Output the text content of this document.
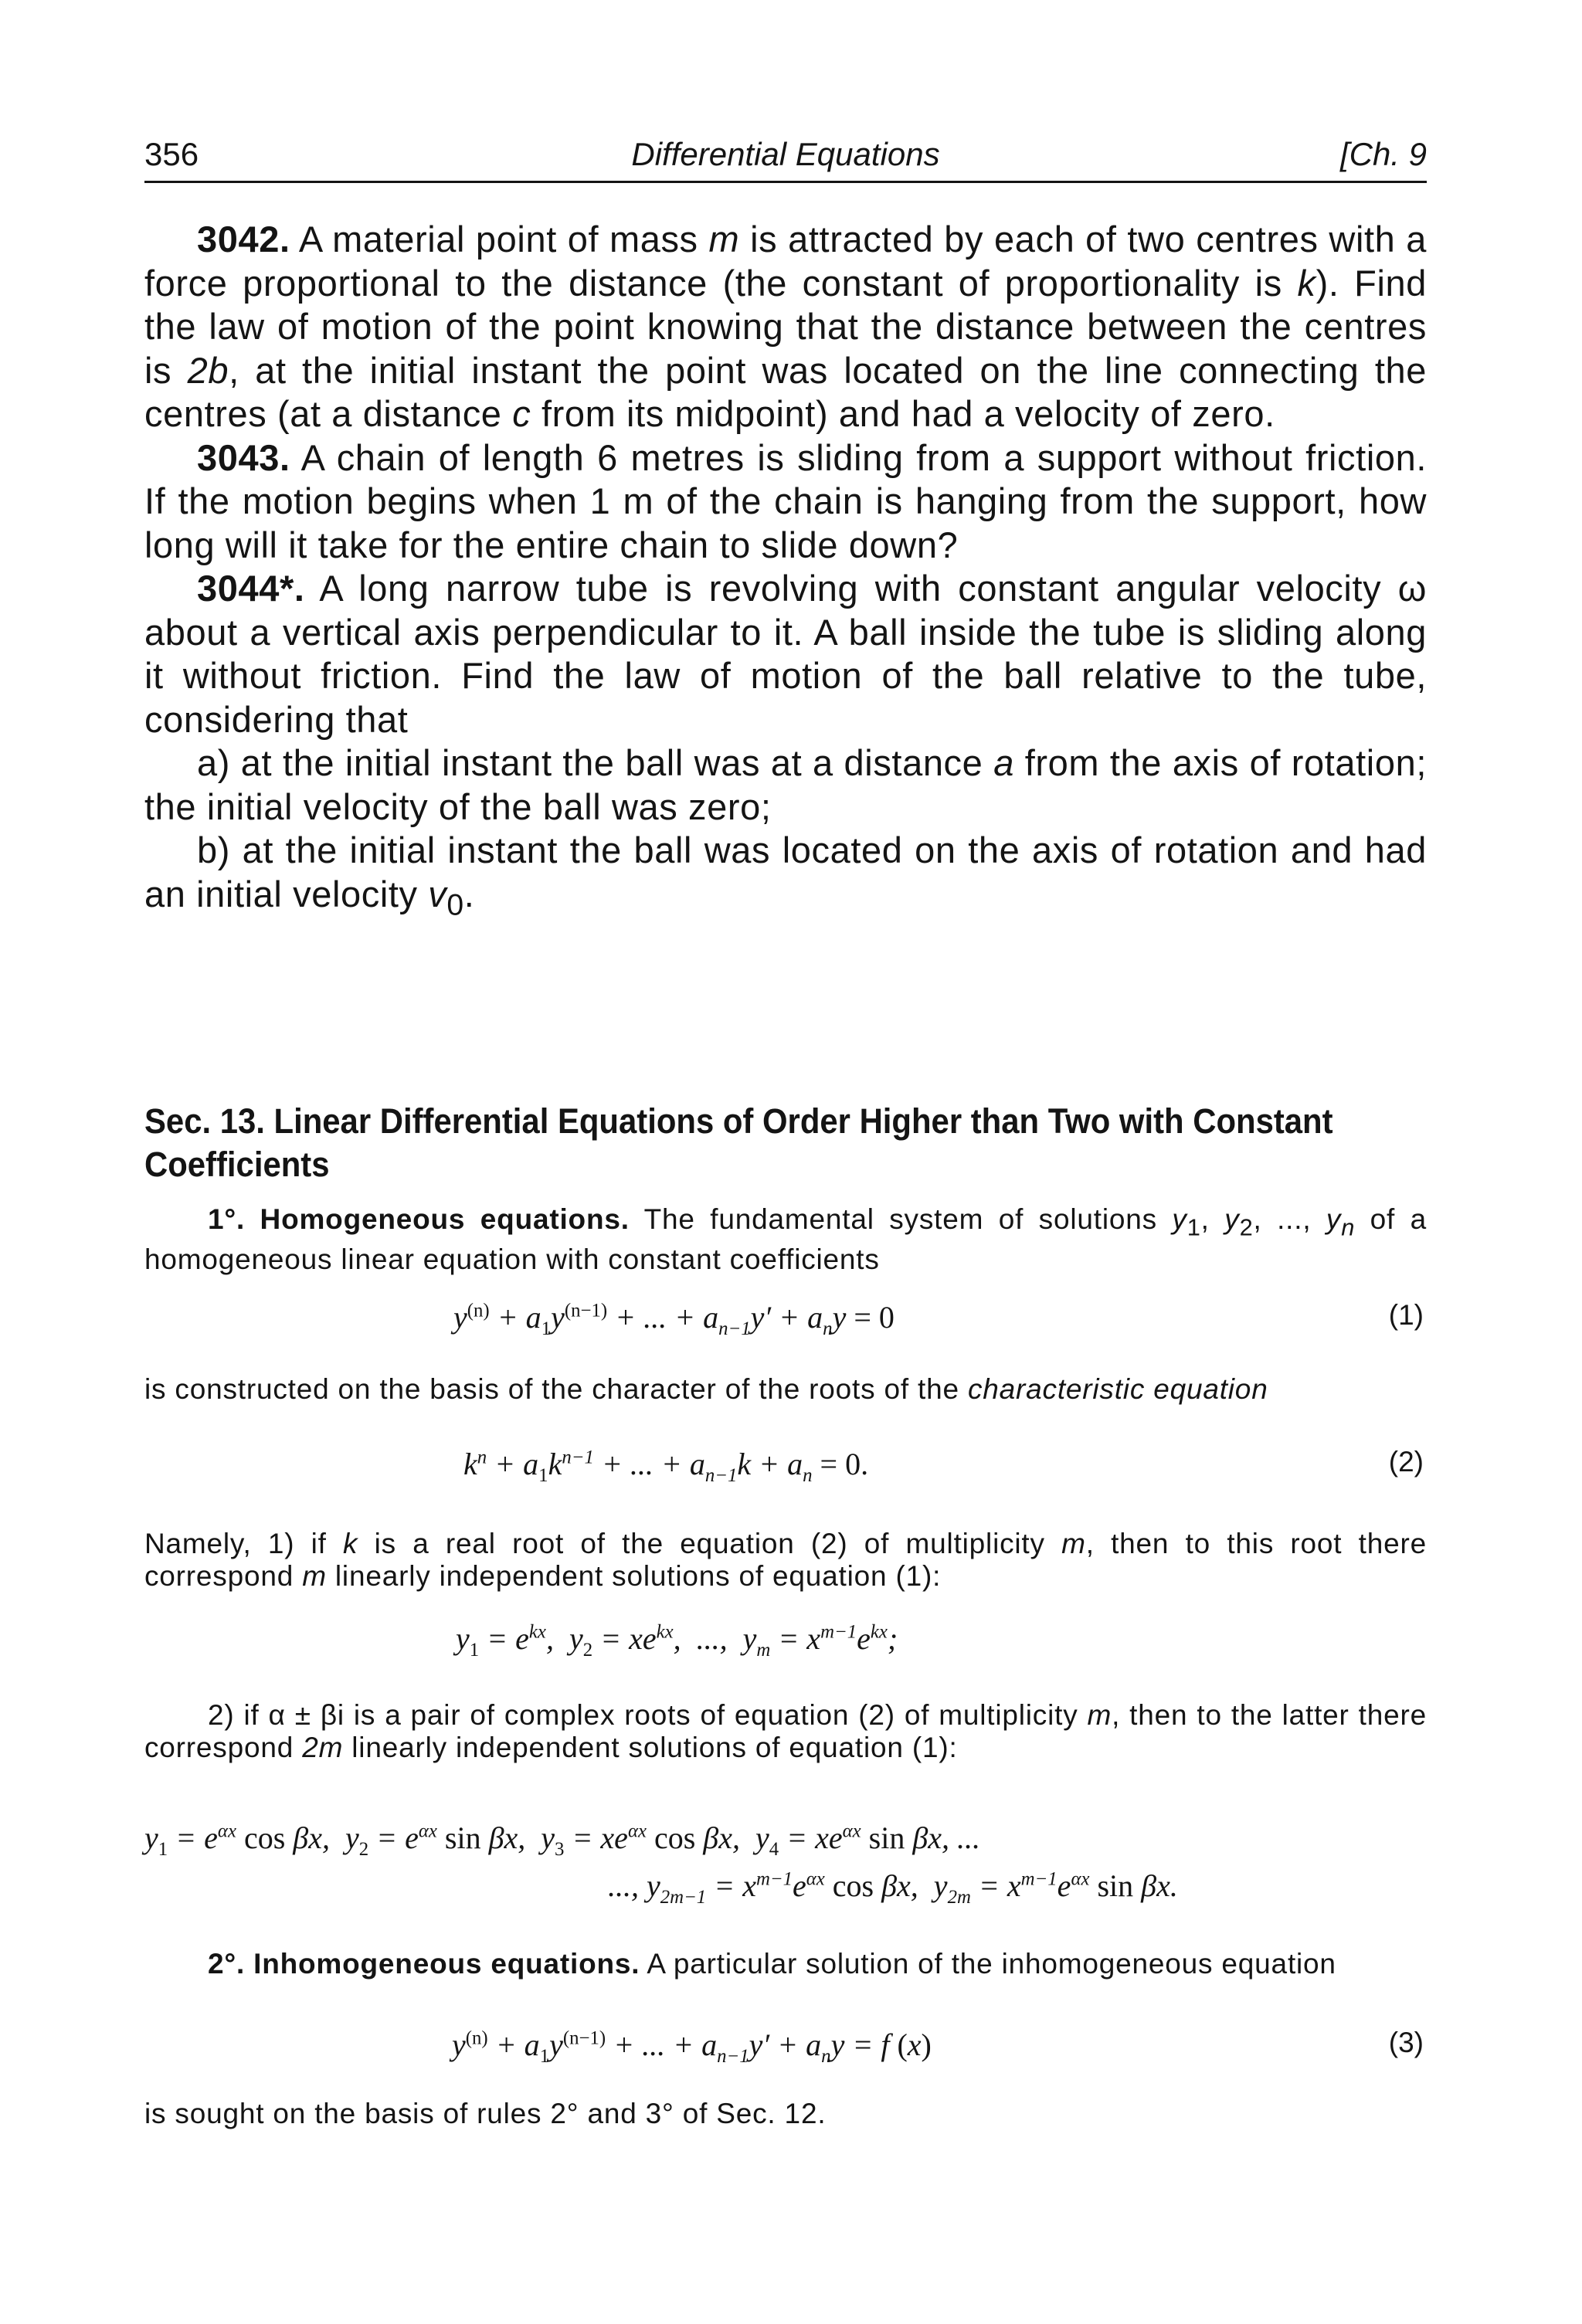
356	Differential Equations	[Ch. 9

3042. A material point of mass m is attracted by each of two centres with a force proportional to the distance (the constant of proportionality is k). Find the law of motion of the point knowing that the distance between the centres is 2b, at the initial instant the point was located on the line connecting the centres (at a distance c from its midpoint) and had a velocity of zero.

3043. A chain of length 6 metres is sliding from a support without friction. If the motion begins when 1 m of the chain is hanging from the support, how long will it take for the entire chain to slide down?

3044*. A long narrow tube is revolving with constant angular velocity ω about a vertical axis perpendicular to it. A ball inside the tube is sliding along it without friction. Find the law of motion of the ball relative to the tube, considering that

a) at the initial instant the ball was at a distance a from the axis of rotation; the initial velocity of the ball was zero;

b) at the initial instant the ball was located on the axis of rotation and had an initial velocity $v_0$.

Sec. 13. Linear Differential Equations of Order Higher than Two with Constant Coefficients
1°. Homogeneous equations. The fundamental system of solutions $y_1$, $y_2$, ..., $y_n$ of a homogeneous linear equation with constant coefficients
$y^{(n)} + a_1y^{(n-1)}$ + ... + $a_{n-1}y' + a_ny = 0$	(1)
is constructed on the basis of the character of the roots of the characteristic equation
$k^n + a_1k^{n-1}$ + ... + $a_{n-1}k + a_n = 0$.	(2)
Namely, 1) if k is a real root of the equation (2) of multiplicity m, then to this root there correspond m linearly independent solutions of equation (1):
$y_1 = e^{kx}$,  $y_2 = xe^{kx}$,  ...,  $y_m = x^{m-1}e^{kx}$;
2) if α ± βi is a pair of complex roots of equation (2) of multiplicity m, then to the latter there correspond 2m linearly independent solutions of equation (1):
$y_1 = e^{\alpha x}$ cos βx,  $y_2 = e^{\alpha x}$ sin βx,  $y_3 = xe^{\alpha x}$ cos βx,  $y_4 = xe^{\alpha x}$ sin βx, ...
..., $y_{2m-1} = x^{m-1}e^{\alpha x}$ cos βx,  $y_{2m} = x^{m-1}e^{\alpha x}$ sin βx.
2°. Inhomogeneous equations. A particular solution of the inhomogeneous equation
$y^{(n)} + a_1y^{(n-1)}$ + ... + $a_{n-1}y' + a_ny = f$ (x)	(3)
is sought on the basis of rules 2° and 3° of Sec. 12.
